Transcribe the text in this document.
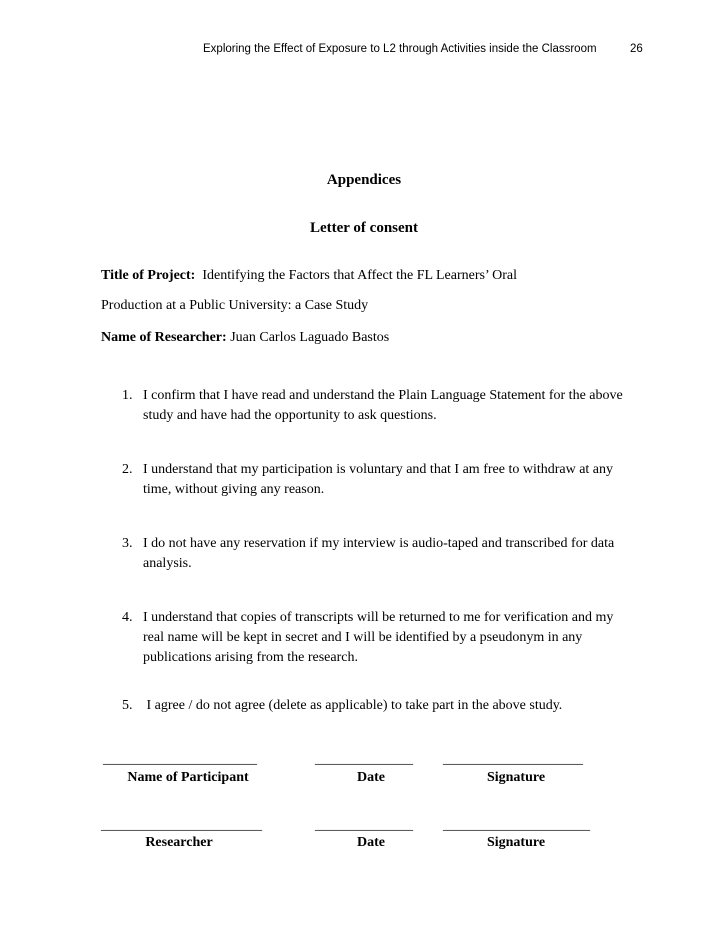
Exploring the Effect of Exposure to L2 through Activities inside the Classroom	26
Appendices
Letter of consent
Title of Project: Identifying the Factors that Affect the FL Learners’ Oral
Production at a Public University: a Case Study
Name of Researcher: Juan Carlos Laguado Bastos
1. I confirm that I have read and understand the Plain Language Statement for the above
study and have had the opportunity to ask questions.
2. I understand that my participation is voluntary and that I am free to withdraw at any
time, without giving any reason.
3. I do not have any reservation if my interview is audio-taped and transcribed for data
analysis.
4. I understand that copies of transcripts will be returned to me for verification and my
real name will be kept in secret and I will be identified by a pseudonym in any
publications arising from the research.
5. I agree / do not agree (delete as applicable) to take part in the above study.
______________________	______________ ____________________
Name of Participant	Date	Signature
_______________________	______________ _____________________
Researcher	Date	Signature
